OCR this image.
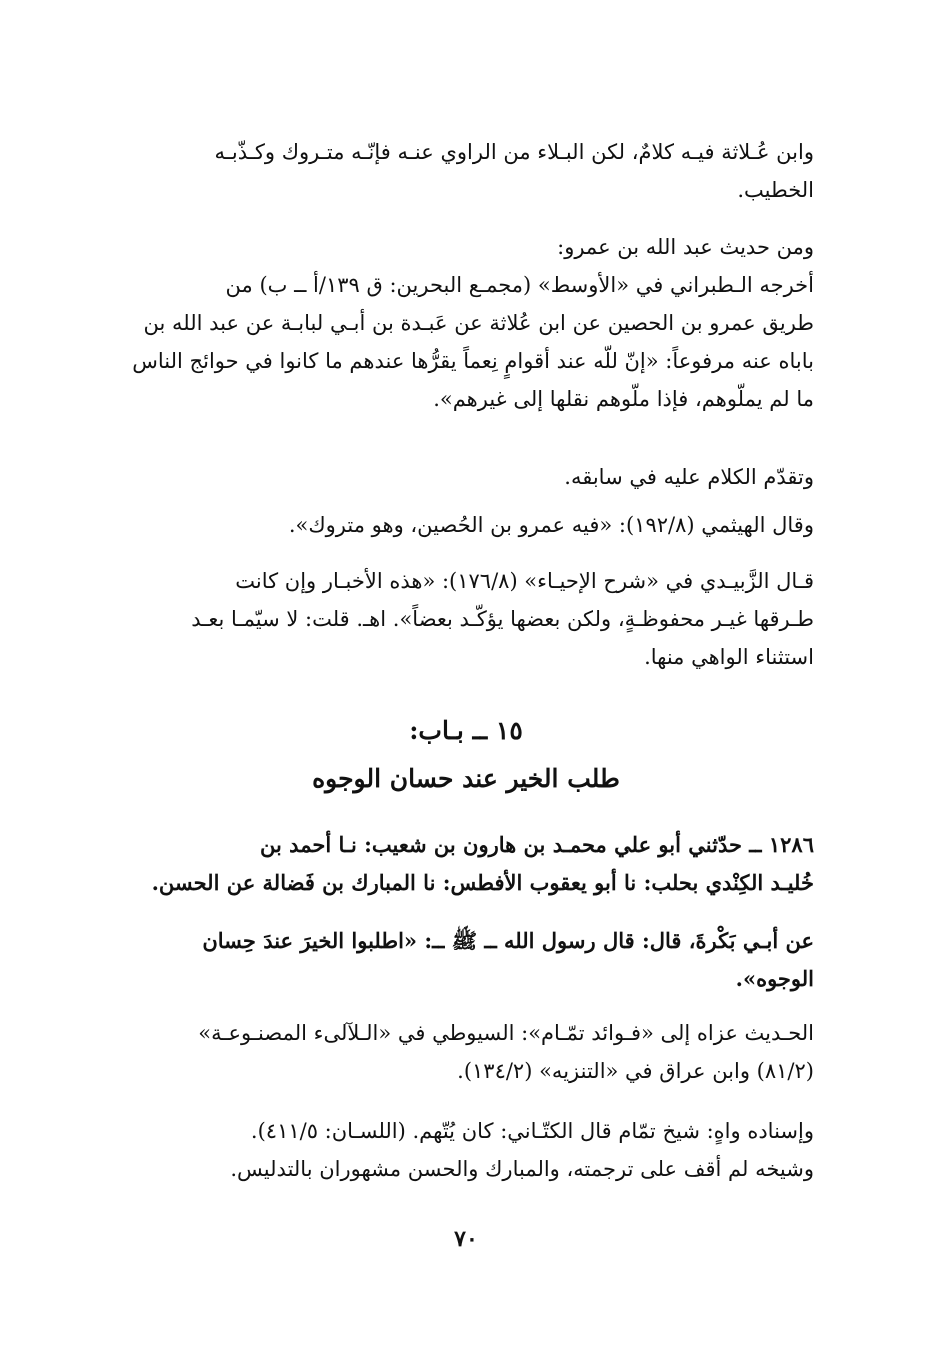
وابن عُـلاثة فيـه كلامٌ، لكن البـلاء من الراوي عنـه فإنّـه متـروك وكـذّبـه
الخطيب.
ومن حديث عبد الله بن عمرو:
أخرجه الـطبراني في «الأوسط» (مجمـع البحرين: ق ١٣٩/أ ــ ب) من
طريق عمرو بن الحصين عن ابن عُلاثة عن عَبـدة بن أبـي لبابـة عن عبد الله بن
باباه عنه مرفوعاً: «إنّ للّه عند أقوامٍ نِعماً يقرُّها عندهم ما كانوا في حوائج الناس
ما لم يملّوهم، فإذا ملّوهم نقلها إلى غيرهم».
وتقدّم الكلام عليه في سابقه.
وقال الهيثمي (١٩٢/٨): «فيه عمرو بن الحُصين، وهو متروك».
قـال الزَّبيـدي في «شرح الإحيـاء» (١٧٦/٨): «هذه الأخبـار وإن كانت
طـرقها غيـر محفوظـةٍ، ولكن بعضها يؤكّـد بعضاً». اهـ. قلت: لا سيّمـا بعـد
استثناء الواهي منها.
١٥ ــ بـاب:
طلب الخير عند حسان الوجوه
١٢٨٦ ــ حدّثني أبو علي محمـد بن هارون بن شعيب: نـا أحمد بن
خُليـد الكِنْدي بحلب: نا أبو يعقوب الأفطس: نا المبارك بن فَضالة عن الحسن.
عن أبـي بَكْرةَ، قال: قال رسول الله ــ ﷺ ــ: «اطلبوا الخيرَ عندَ حِسان
الوجوه».
الحـديث عزاه إلى «فـوائد تمّـام»: السيوطي في «الـلآلىء المصنـوعـة»
(٨١/٢) وابن عراق في «التنزيه» (١٣٤/٢).
وإسناده واهٍ: شيخ تمّام قال الكتّـاني: كان يُتّهم. (اللسـان: ٤١١/٥).
وشيخه لم أقف على ترجمته، والمبارك والحسن مشهوران بالتدليس.
٧٠
